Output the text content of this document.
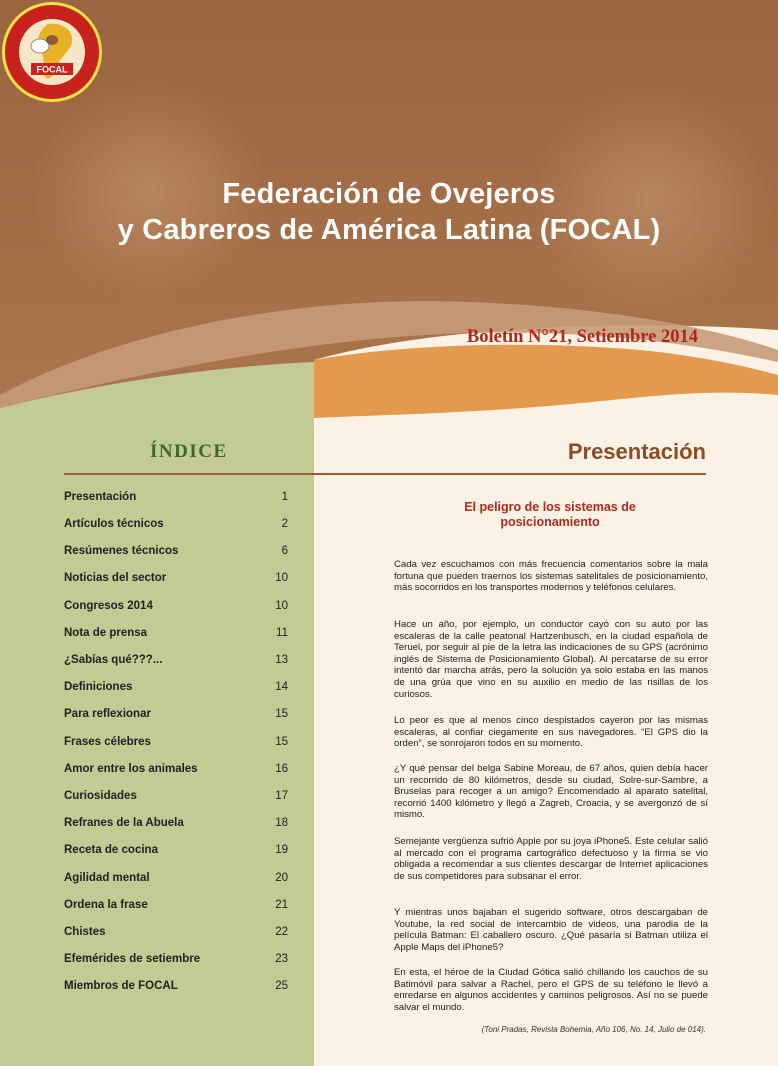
FOCAL
Federación de Ovejeros
y Cabreros de América Latina (FOCAL)
Boletín N°21, Setiembre 2014
ÍNDICE	Presentación
Presentación	1
Artículos técnicos	2
Resúmenes técnicos	6
Noticias del sector	10
Congresos 2014	10
Nota de prensa	11
¿Sabías qué???...	13
Definiciones	14
Para reflexionar	15
Frases célebres	15
Amor entre los animales	16
Curiosidades	17
Refranes de la Abuela	18
Receta de cocina	19
Agilidad mental	20
Ordena la frase	21
Chistes	22
Efemérides de setiembre	23
Miembros de FOCAL	25
El peligro de los sistemas de posicionamiento
Cada vez escuchamos con más frecuencia comentarios sobre la mala fortuna que pueden traernos los sistemas satelitales de posicionamiento, más socorridos en los transportes modernos y teléfonos celulares.
Hace un año, por ejemplo, un conductor cayó con su auto por las escaleras de la calle peatonal Hartzenbusch, en la ciudad española de Teruel, por seguir al pie de la letra las indicaciones de su GPS (acrónimo inglés de Sistema de Posicionamiento Global). Al percatarse de su error intentó dar marcha atrás, pero la solución ya solo estaba en las manos de una grúa que vino en su auxilio en medio de las risillas de los curiosos.
Lo peor es que al menos cinco despistados cayeron por las mismas escaleras, al confiar ciegamente en sus navegadores. “El GPS dio la orden”, se sonrojaron todos en su momento.
¿Y qué pensar del belga Sabine Moreau, de 67 años, quien debía hacer un recorrido de 80 kilómetros, desde su ciudad, Solre-sur-Sambre, a Bruselas para recoger a un amigo? Encomendado al aparato satelital, recorrió 1400 kilómetro y llegó a Zagreb, Croacia, y se avergonzó de sí mismo.
Semejante vergüenza sufrió Apple por su joya iPhone5. Este celular salió al mercado con el programa cartográfico defectuoso y la firma se vio obligada a recomendar a sus clientes descargar de Internet aplicaciones de sus competidores para subsanar el error.
Y mientras unos bajaban el sugerido software, otros descargaban de Youtube, la red social de intercambio de videos, una parodia de la película Batman: El caballero oscuro. ¿Qué pasaría si Batman utiliza el Apple Maps del iPhone5?
En esta, el héroe de la Ciudad Gótica salió chillando los cauchos de su Batimóvil para salvar a Rachel, pero el GPS de su teléfono le llevó a enredarse en algunos accidentes y caminos peligrosos. Así no se puede salvar el mundo.
(Toni Pradas, Revista Bohemia, Año 106, No. 14, Julio de 014).
